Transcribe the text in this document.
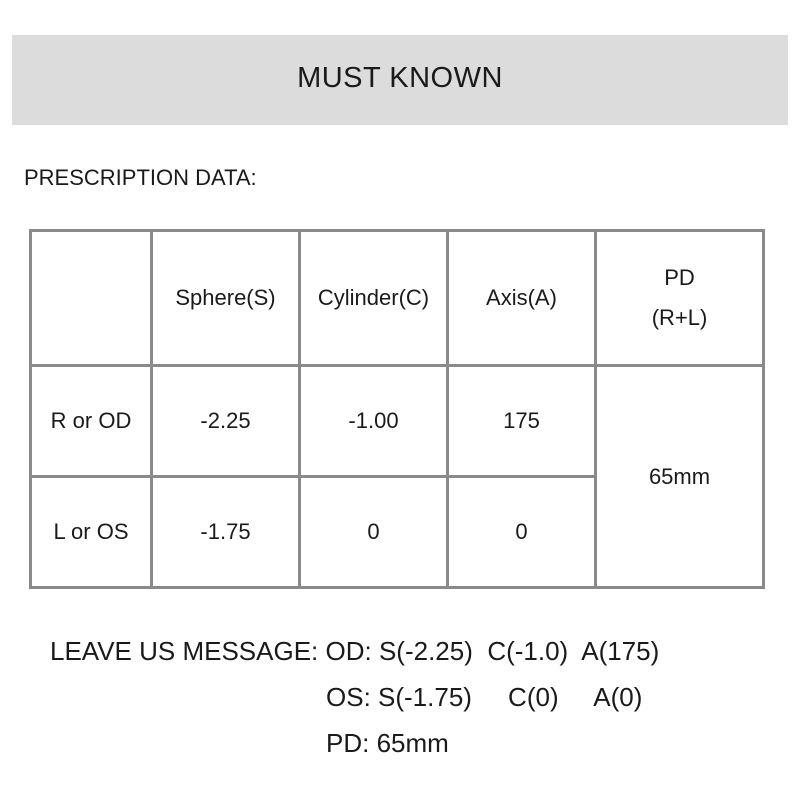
MUST KNOWN
PRESCRIPTION DATA:
	Sphere(S)	Cylinder(C)	Axis(A)	PD
(R+L)

R or OD	-2.25	-1.00	175	65mm
L or OS	-1.75	0	0	
LEAVE US MESSAGE: OD: S(-2.25)  C(-1.0)  A(175)
OS: S(-1.75)     C(0)     A(0)
PD: 65mm
